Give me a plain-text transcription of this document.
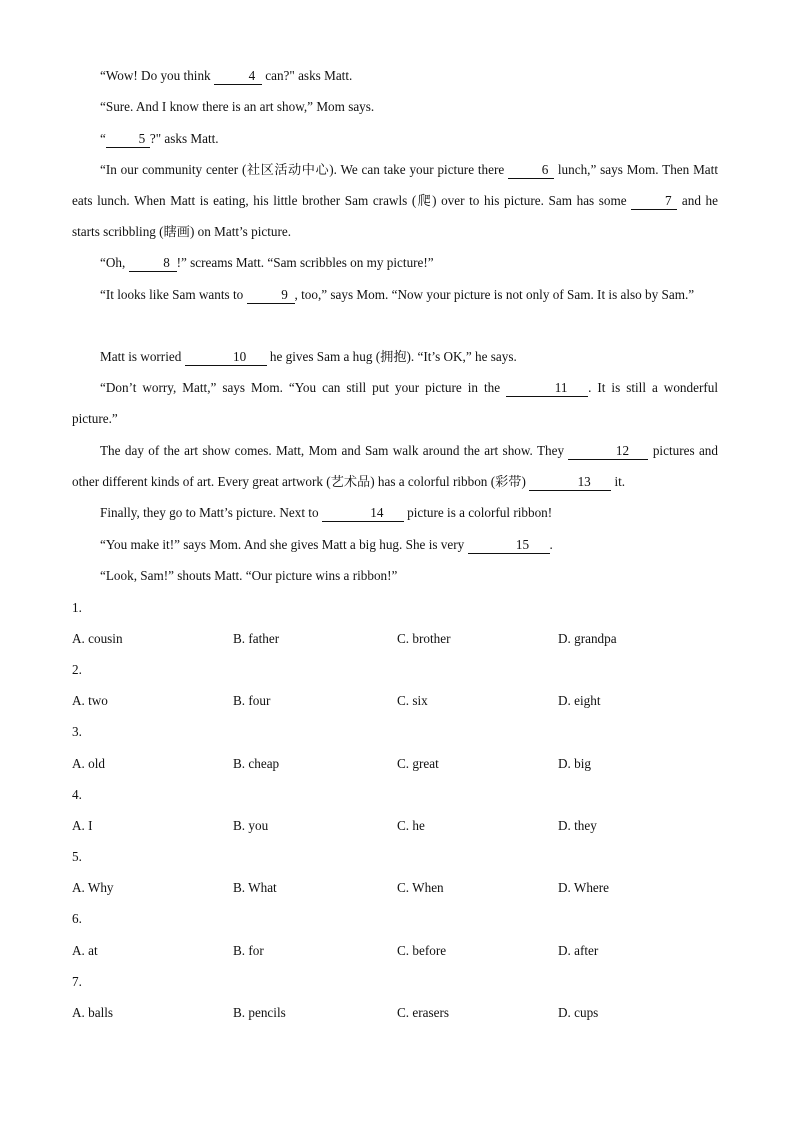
“Wow! Do you think	4 can?" asks Matt.

“Sure. And I know there is an art show,” Mom says.

“ 5 ?" asks Matt.

“In our community center (社区活动中心). We can take your picture there	6 lunch,” says Mom. Then Matt eats lunch. When Matt is eating, his little brother Sam crawls (爬) over to his picture. Sam has some	7 and he starts scribbling (瞎画) on Matt’s picture.

“Oh,	8 !” screams Matt. “Sam scribbles on my picture!”

“It looks like Sam wants to	9 , too,” says Mom. “Now your picture is not only of Sam. It is also by Sam.”

Matt is worried	10 he gives Sam a hug (拥抱). “It’s OK,” he says.

“Don’t worry, Matt,” says Mom. “You can still put your picture in the	11 . It is still a wonderful picture.”

The day of the art show comes. Matt, Mom and Sam walk around the art show. They	12 pictures and other different kinds of art. Every great artwork (艺术品) has a colorful ribbon (彩带)	13 it.

Finally, they go to Matt’s picture. Next to	14 picture is a colorful ribbon!

“You make it!” says Mom. And she gives Matt a big hug. She is very	15 .

“Look, Sam!” shouts Matt. “Our picture wins a ribbon!”

1.

A. cousin	B. father	C. brother	D. grandpa

2.

A. two	B. four	C. six	D. eight

3.

A. old	B. cheap	C. great	D. big

4.

A. I	B. you	C. he	D. they

5.

A. Why	B. What	C. When	D. Where

6.

A. at	B. for	C. before	D. after

7.

A. balls	B. pencils	C. erasers	D. cups
